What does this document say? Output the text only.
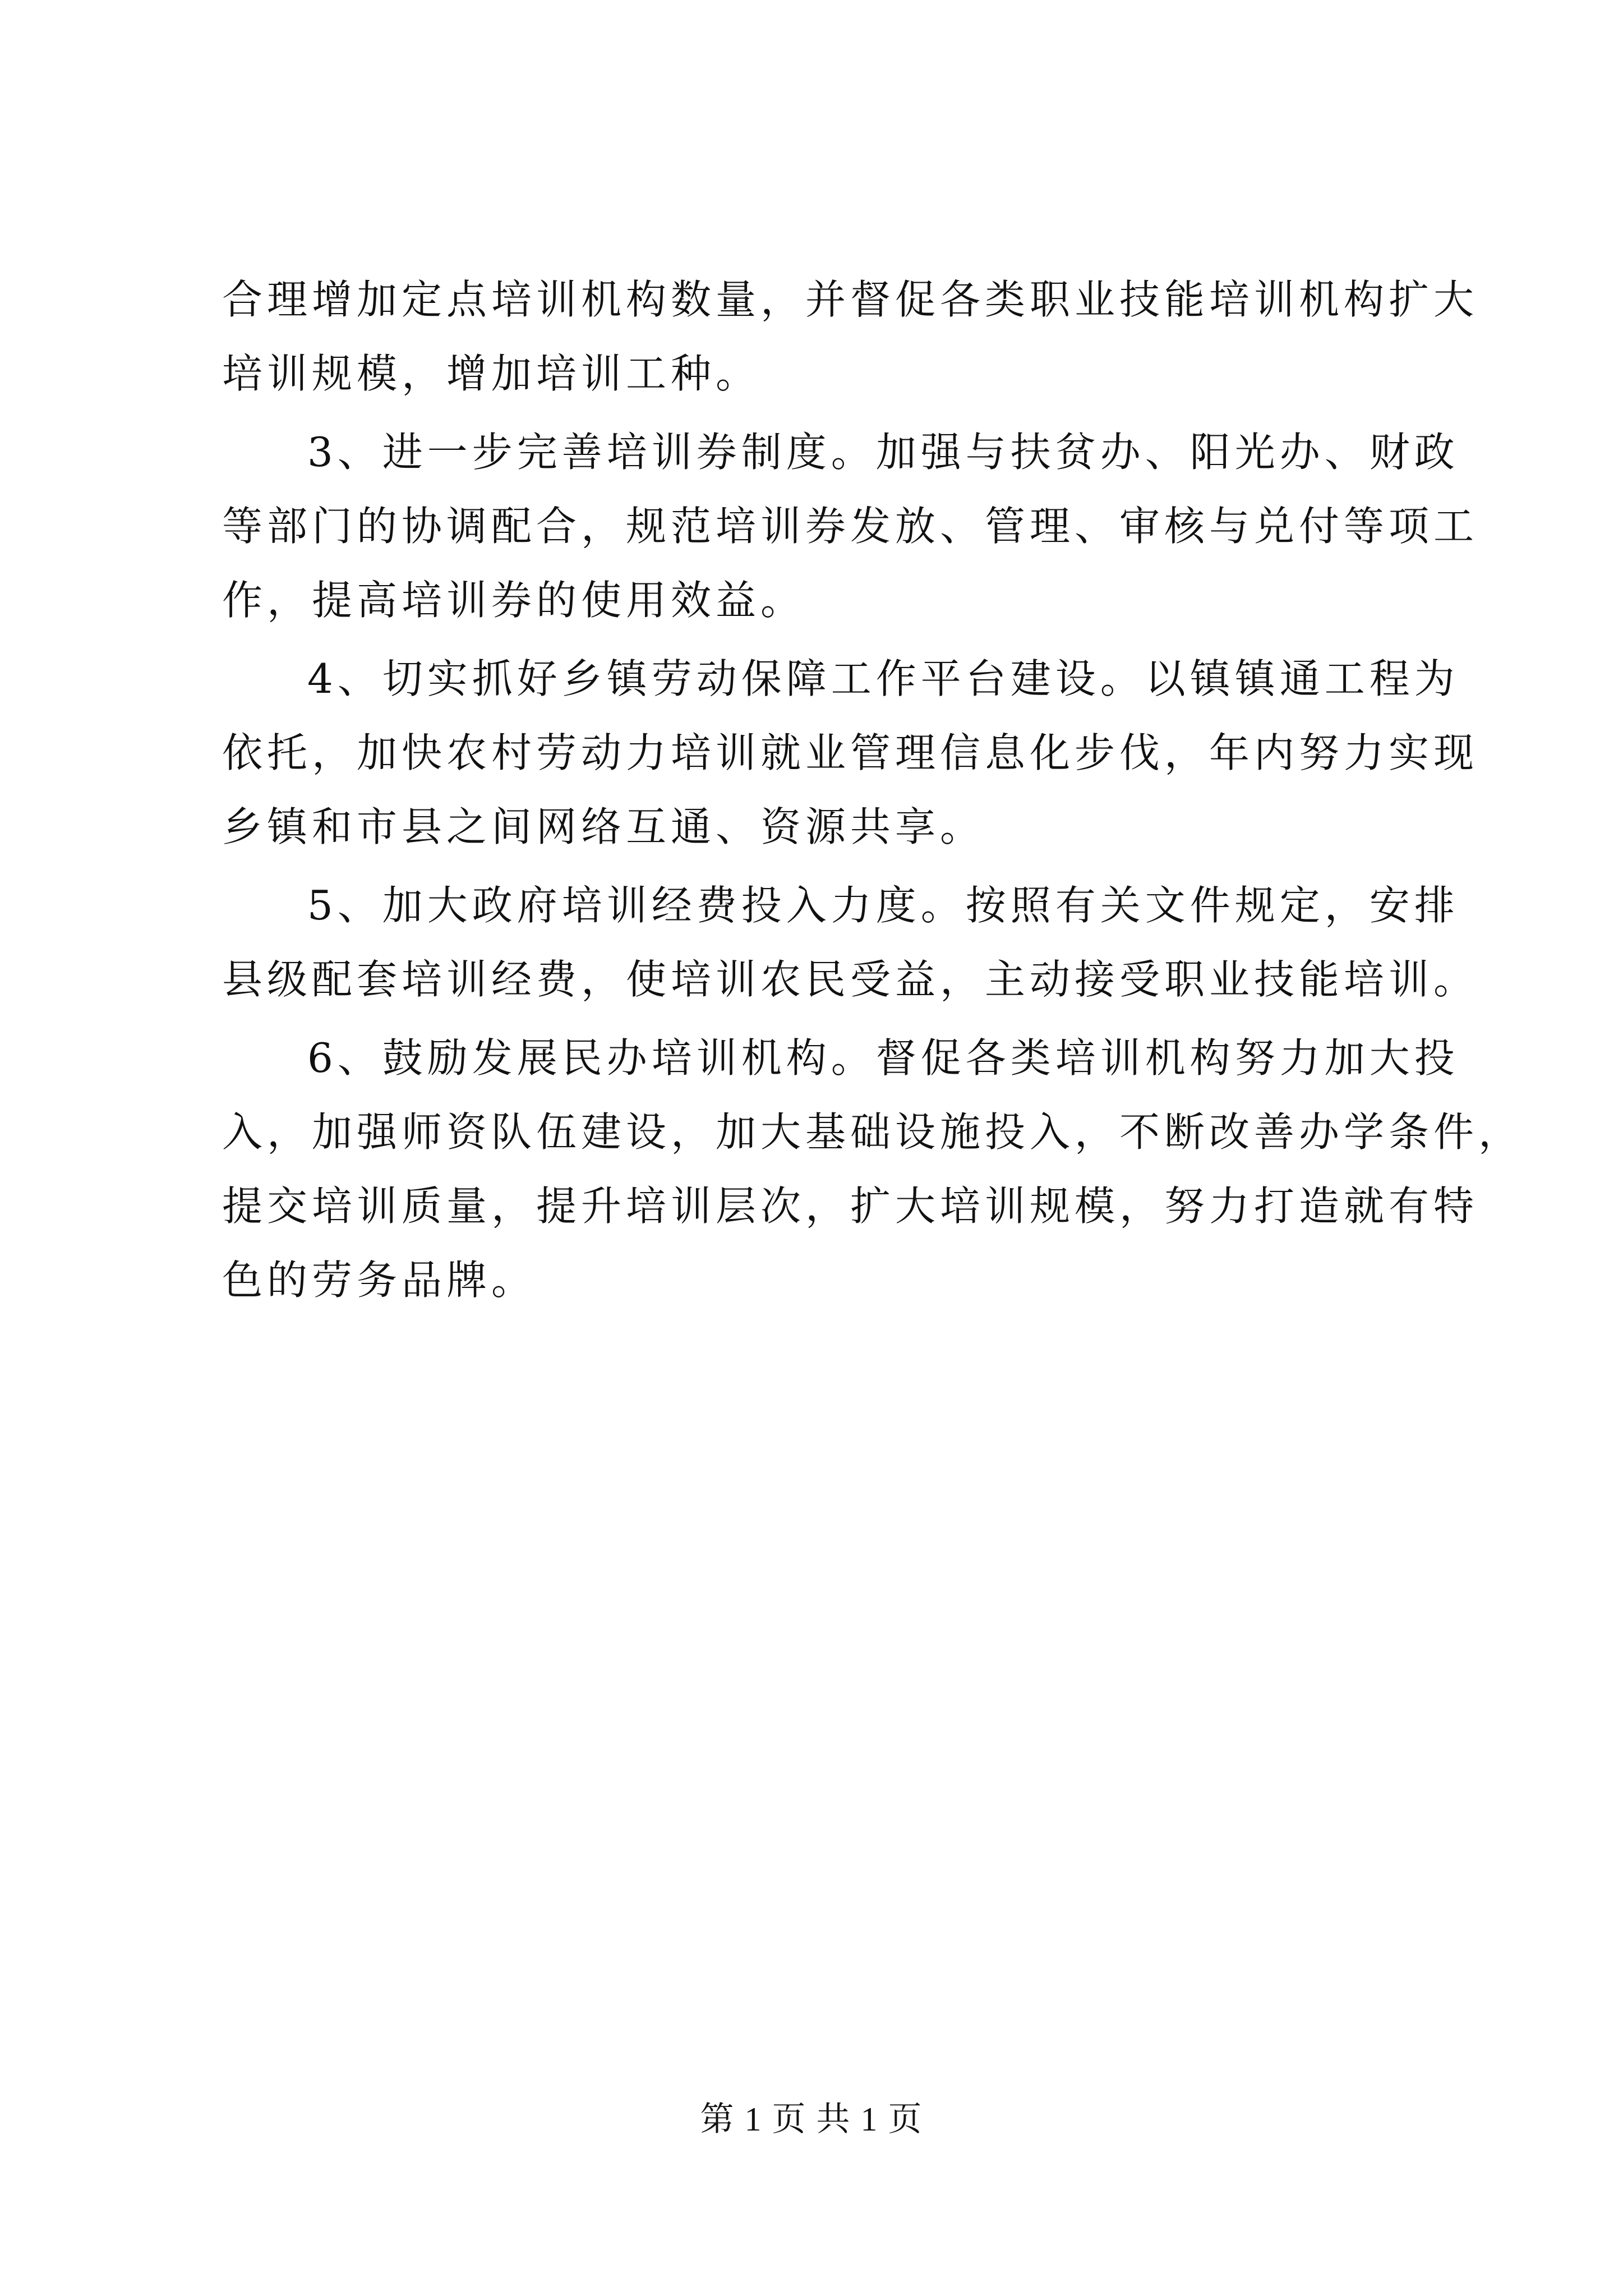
合理增加定点培训机构数量，并督促各类职业技能培训机构扩大
培训规模，增加培训工种。
3、进一步完善培训券制度。加强与扶贫办、阳光办、财政
等部门的协调配合，规范培训券发放、管理、审核与兑付等项工
作，提高培训券的使用效益。
4、切实抓好乡镇劳动保障工作平台建设。以镇镇通工程为
依托，加快农村劳动力培训就业管理信息化步伐，年内努力实现
乡镇和市县之间网络互通、资源共享。
5、加大政府培训经费投入力度。按照有关文件规定，安排
县级配套培训经费，使培训农民受益，主动接受职业技能培训。
6、鼓励发展民办培训机构。督促各类培训机构努力加大投
入，加强师资队伍建设，加大基础设施投入，不断改善办学条件，
提交培训质量，提升培训层次，扩大培训规模，努力打造就有特
色的劳务品牌。
第 1 页 共 1 页
